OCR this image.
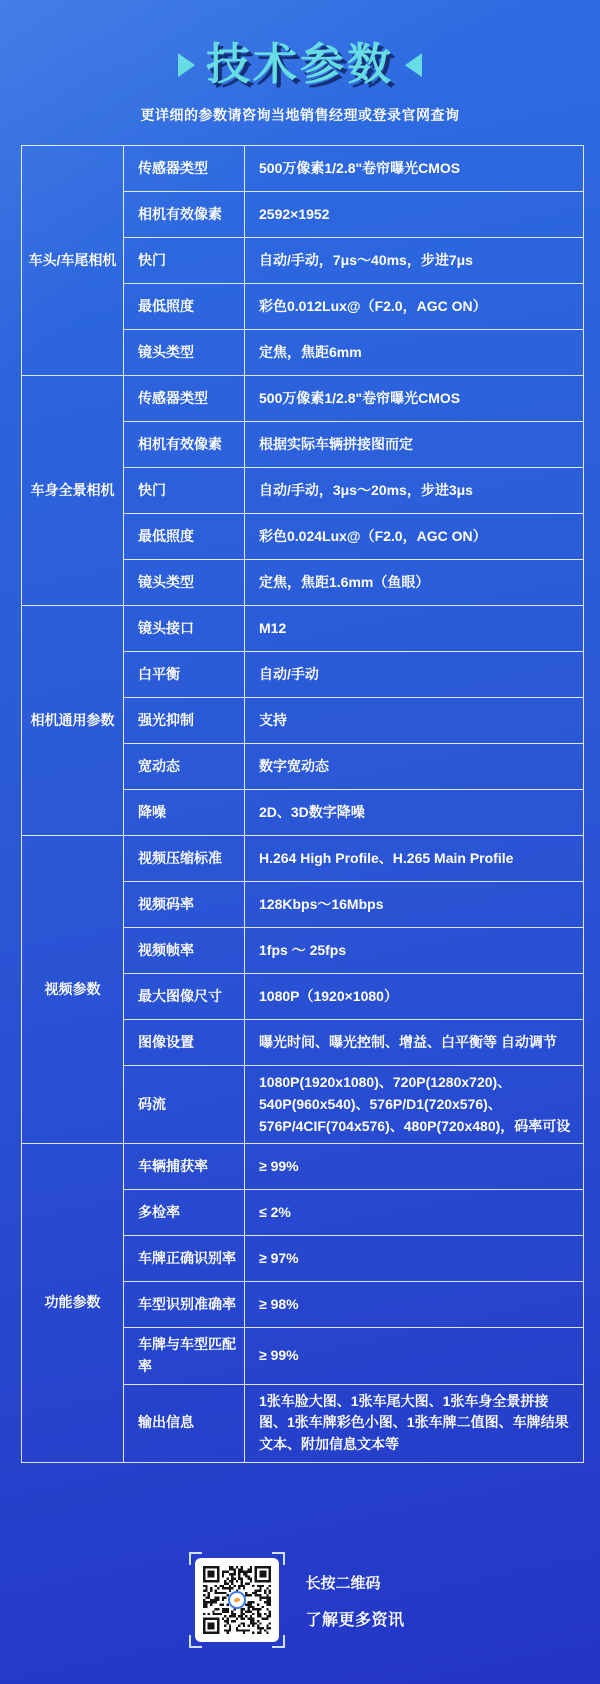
技术参数

更详细的参数请咨询当地销售经理或登录官网查询

车头/车尾相机	传感器类型	500万像素1/2.8"卷帘曝光CMOS
	相机有效像素	2592×1952
	快门	自动/手动，7μs～40ms，步进7μs
	最低照度	彩色0.012Lux@（F2.0，AGC ON）
	镜头类型	定焦，焦距6mm
车身全景相机	传感器类型	500万像素1/2.8"卷帘曝光CMOS
	相机有效像素	根据实际车辆拼接图而定
	快门	自动/手动，3μs～20ms，步进3μs
	最低照度	彩色0.024Lux@（F2.0，AGC ON）
	镜头类型	定焦，焦距1.6mm（鱼眼）
相机通用参数	镜头接口	M12
	白平衡	自动/手动
	强光抑制	支持
	宽动态	数字宽动态
	降噪	2D、3D数字降噪
视频参数	视频压缩标准	H.264 High Profile、H.265 Main Profile
	视频码率	128Kbps～16Mbps
	视频帧率	1fps ～ 25fps
	最大图像尺寸	1080P（1920×1080）
	图像设置	曝光时间、曝光控制、增益、白平衡等 自动调节
	码流	1080P(1920x1080)、720P(1280x720)、540P(960x540)、576P/D1(720x576)、576P/4CIF(704x576)、480P(720x480)，码率可设
功能参数	车辆捕获率	≥ 99%
	多检率	≤ 2%
	车牌正确识别率	≥ 97%
	车型识别准确率	≥ 98%
	车牌与车型匹配率	≥ 99%
	输出信息	1张车脸大图、1张车尾大图、1张车身全景拼接图、1张车牌彩色小图、1张车牌二值图、车牌结果文本、附加信息文本等

长按二维码

了解更多资讯
